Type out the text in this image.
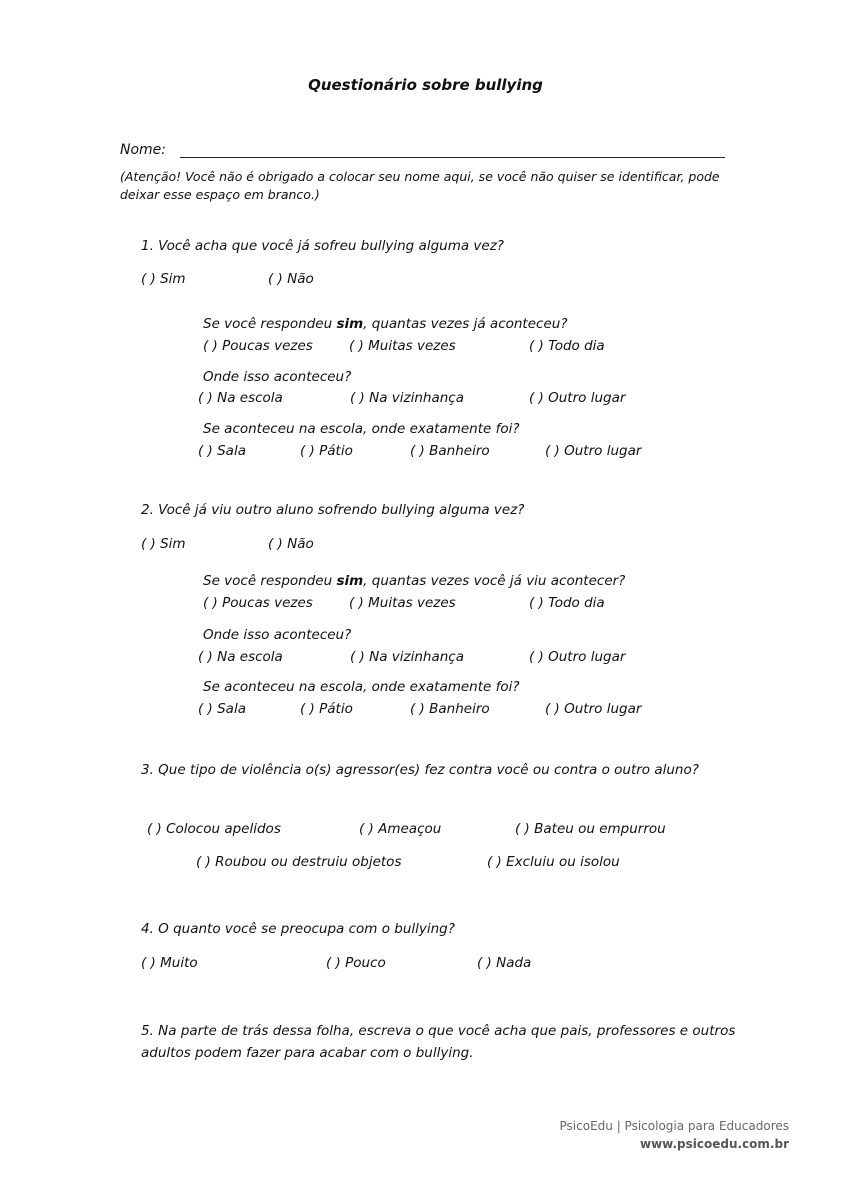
Questionário sobre bullying
Nome:
(Atenção! Você não é obrigado a colocar seu nome aqui, se você não quiser se identificar, pode deixar esse espaço em branco.)
1. Você acha que você já sofreu bullying alguma vez?
( ) Sim	( ) Não
Se você respondeu sim, quantas vezes já aconteceu?
( ) Poucas vezes	( ) Muitas vezes	( ) Todo dia
Onde isso aconteceu?
( ) Na escola	( ) Na vizinhança	( ) Outro lugar
Se aconteceu na escola, onde exatamente foi?
( ) Sala	( ) Pátio	( ) Banheiro	( ) Outro lugar
2. Você já viu outro aluno sofrendo bullying alguma vez?
( ) Sim	( ) Não
Se você respondeu sim, quantas vezes você já viu acontecer?
( ) Poucas vezes	( ) Muitas vezes	( ) Todo dia
Onde isso aconteceu?
( ) Na escola	( ) Na vizinhança	( ) Outro lugar
Se aconteceu na escola, onde exatamente foi?
( ) Sala	( ) Pátio	( ) Banheiro	( ) Outro lugar
3. Que tipo de violência o(s) agressor(es) fez contra você ou contra o outro aluno?
( ) Colocou apelidos	( ) Ameaçou	( ) Bateu ou empurrou
( ) Roubou ou destruiu objetos	( ) Excluiu ou isolou
4. O quanto você se preocupa com o bullying?
( ) Muito	( ) Pouco	( ) Nada
5. Na parte de trás dessa folha, escreva o que você acha que pais, professores e outros adultos podem fazer para acabar com o bullying.
PsicoEdu | Psicologia para Educadores
www.psicoedu.com.br
